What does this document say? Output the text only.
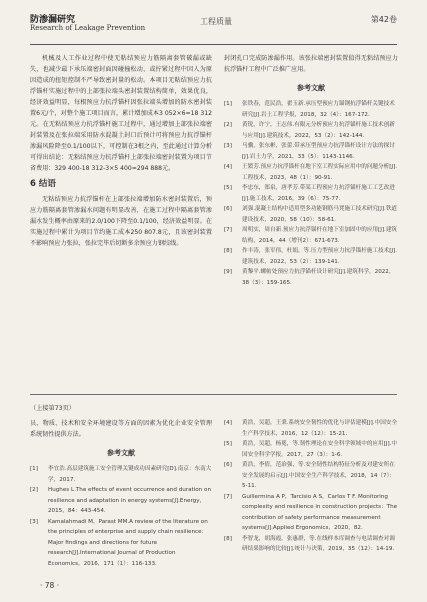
防渗漏研究
Research of Leakage Prevention
工程质量	第42卷

机械及人工作业过程中使无粘结预应力筋隔离套管破漏或缺失，也减少最下承压端密封面因碰撞松动，或拧紧过程中因人为原因造成的扭矩控制不严导致密封量的松动。本项目无粘结预应力抗浮锚杆实施过程中的上部张拉端头密封装置结构简单，效果优良，经济效益明显，每根预应力抗浮锚杆因张拉端头增加的防水密封装置6元/个，对整个施工项目而言，累计增加成本3 052×6=18 312元。在无粘结预应力抗浮锚杆施工过程中，通过增加上部张拉端密封装置及在张拉端采用防水混凝土封口后预计可将预应力抗浮锚杆渗漏风险降至0.1/100以下，可控制在3根之内，至此通过计算分析可得出结论：无粘结预应力抗浮锚杆上部张拉端密封装置为项目节省费用：329 400-18 312-3×5 400=294 888元。

6 结语

无粘结预应力抗浮锚杆在上部张拉端增加防水密封装置后，预应力筋隔离套管渗漏水问题有明显改善，在施工过程中隔离套管渗漏水发生概率由原来的2.0/100下降至0.1/100，经济效益明显。在实施过程中累计为项目节约施工成本250 807.8元，且该密封装置不影响预应力张拉，张拉完毕后切断多余预应力钢绞线。

封闭孔口完成防渗漏作用。该张拉端密封装置值得无粘结预应力抗浮锚杆工程中广泛推广应用。

参考文献
[1]	张铁春，范民浩，翟玉新.承压型预应力锚钢抗浮锚杆关键技术研究[J].岩土工程学报，2018，32（4）：167-172.
[2]	黄锐，许宁，王志伟.有限元分析预应力抗浮锚杆施工技术创新与应用[J].建筑技术，2022，53（2）：142-144.
[3]	马骥，张东彬，张蕾.带承压型预应力抗浮锚杆设计方法的探讨[J].岩土力学，2021，33（5）：1143-1146.
[4]	王繁芳.预应力抗浮锚杆在地下室工程实际应用中的问题分析[J].工程技术，2023，48（1）：90-91.
[5]	李忠东，郑泉，唐孝芳.带某工程预应力抗浮锚杆施工工艺改进[J].施工技术，2016，39（6）：75-77.
[6]	刘强.混凝土结构中适用型多功能钢筋马凳施工技术研究[J].铁道建设技术，2020，58（10）：58-61.
[7]	周明实，周自新.预应力抗浮锚杆在地下室加固中的应用[J].建筑结构，2014，44（增刊2）：671-673.
[8]	作丰涛，张军伟，杜娟，等.压力型预应力抗浮锚杆施工技术[J].建筑技术，2022，53（2）：139-141.
[9]	黄黎平.螺帖处预应力抗浮锚杆设计研究[J].建筑科学，2022，38（3）：159-165.
（上接第73页）

员、物质、技术和安全环境建设等方面的因素为优化企业安全管理系统韧性提供方法。

参考文献
[1]	李宜浩.高层建筑施工安全管理关键成功因素研究[D].南京：东南大学，2017.
[2]	Hughes L.The effects of event occurrence and duration on resilience and adaptation in energy systems[J].Energy，2015，84：443-454.
[3]	Kamalahmadi M，Parast MM.A review of the literature on the principles of enterprise and supply chain resilience：Major findings and directions for future research[J].International Journal of Production Economics，2016，171（1）：116-133.
[4]	黄浩，吴超，王秉.系统安全韧性的优化与评估建模[J].中国安全生产科学技术，2016，12（12）：15-21.
[5]	黄浩，吴超，杨冕，等.韧性理论在安全科学领域中的应用[J].中国安全科学学报，2017，27（3）：1-6.
[6]	黄浩，李倩，范治强，等.安全韧性结构特征分析及对建安所在安全发展的启示[J].中国安全生产科学技术，2018，14（7）：5-11.
[7]	Guillermina A P，Tarcisio A S，Carlos T F. Monitoring complexity and resilience in construction projects：The contribution of safety performance measurement systems[J].Applied Ergonomics，2020，82.
[8]	李智龙，胡海霞，张惠群，等.在线样本库调查与电话调查对调研结果影响的比较[J].统计与决策，2019，35（12）：14-19.
· 78 ·
